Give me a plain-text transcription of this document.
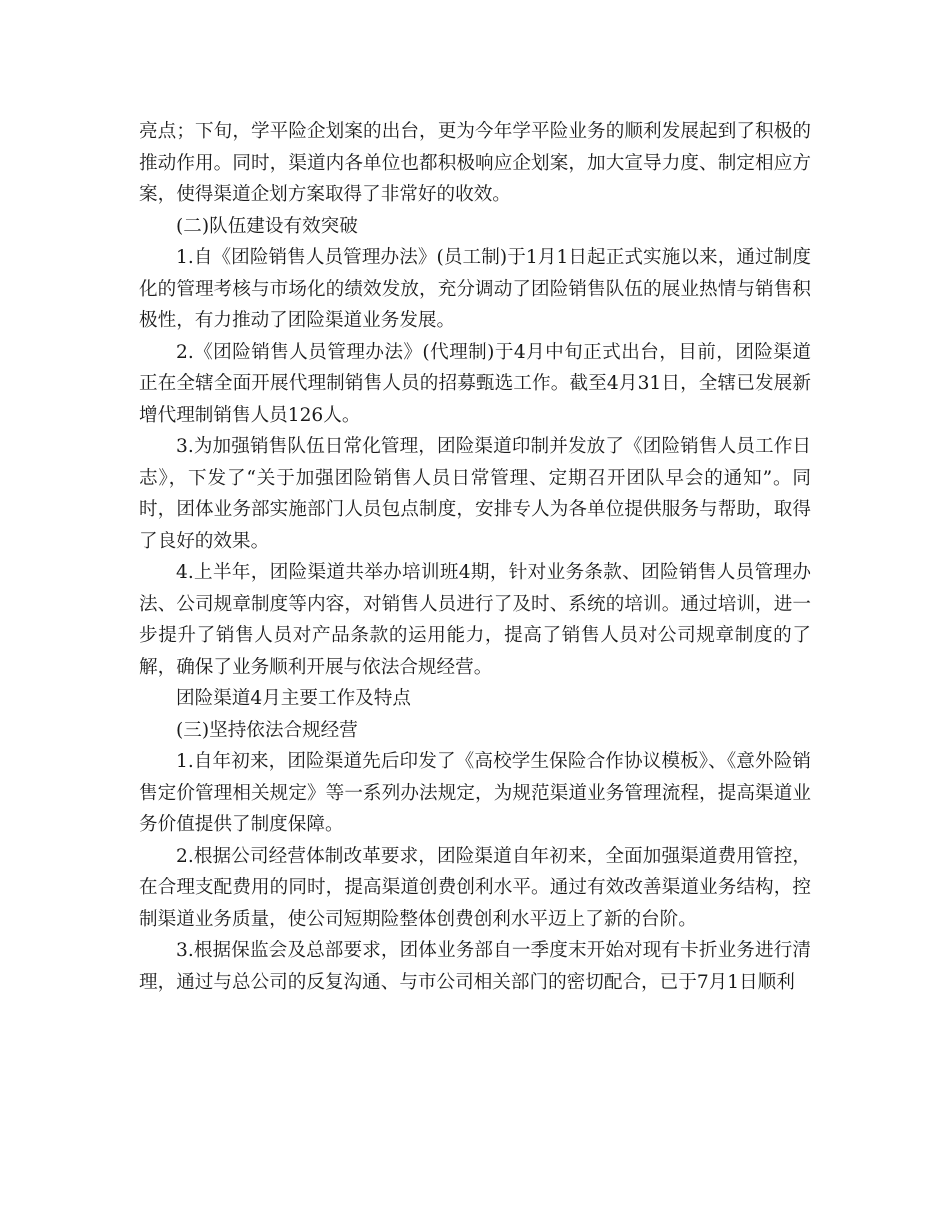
亮点；下旬，学平险企划案的出台，更为今年学平险业务的顺利发展起到了积极的推动作用。同时，渠道内各单位也都积极响应企划案，加大宣导力度、制定相应方案，使得渠道企划方案取得了非常好的收效。

(二)队伍建设有效突破

1.自《团险销售人员管理办法》(员工制)于1月1日起正式实施以来，通过制度化的管理考核与市场化的绩效发放，充分调动了团险销售队伍的展业热情与销售积极性，有力推动了团险渠道业务发展。

2.《团险销售人员管理办法》(代理制)于4月中旬正式出台，目前，团险渠道正在全辖全面开展代理制销售人员的招募甄选工作。截至4月31日，全辖已发展新增代理制销售人员126人。

3.为加强销售队伍日常化管理，团险渠道印制并发放了《团险销售人员工作日志》，下发了“关于加强团险销售人员日常管理、定期召开团队早会的通知”。同时，团体业务部实施部门人员包点制度，安排专人为各单位提供服务与帮助，取得了良好的效果。

4.上半年，团险渠道共举办培训班4期，针对业务条款、团险销售人员管理办法、公司规章制度等内容，对销售人员进行了及时、系统的培训。通过培训，进一步提升了销售人员对产品条款的运用能力，提高了销售人员对公司规章制度的了解，确保了业务顺利开展与依法合规经营。

团险渠道4月主要工作及特点

(三)坚持依法合规经营

1.自年初来，团险渠道先后印发了《高校学生保险合作协议模板》、《意外险销售定价管理相关规定》等一系列办法规定，为规范渠道业务管理流程，提高渠道业务价值提供了制度保障。

2.根据公司经营体制改革要求，团险渠道自年初来，全面加强渠道费用管控，在合理支配费用的同时，提高渠道创费创利水平。通过有效改善渠道业务结构，控制渠道业务质量，使公司短期险整体创费创利水平迈上了新的台阶。

3.根据保监会及总部要求，团体业务部自一季度末开始对现有卡折业务进行清理，通过与总公司的反复沟通、与市公司相关部门的密切配合，已于7月1日顺利
